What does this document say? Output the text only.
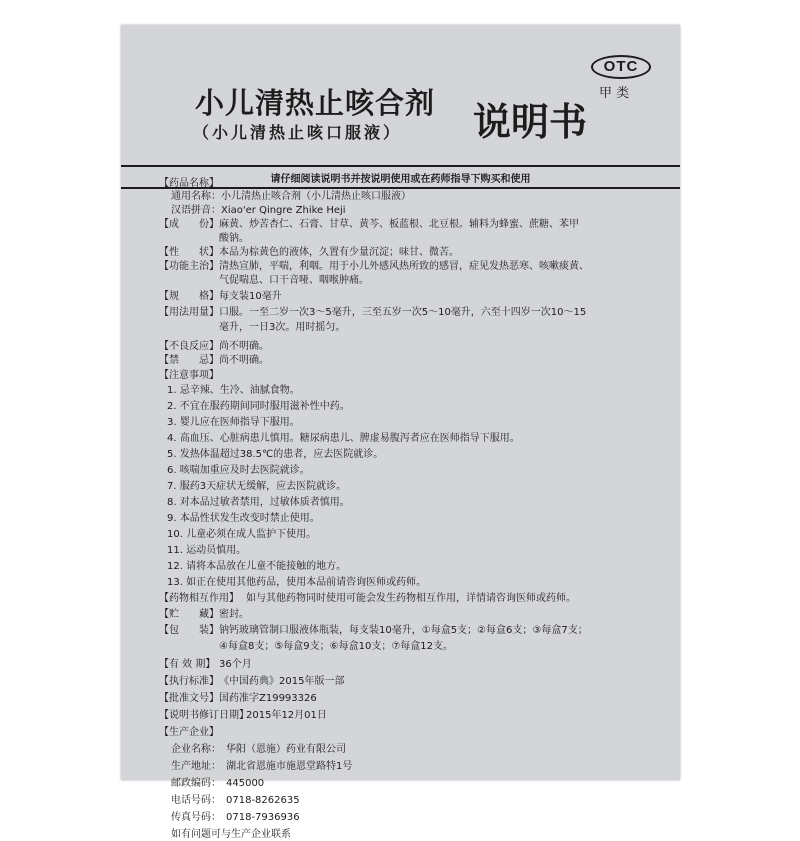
OTC
甲 类
小儿清热止咳合剂
（小儿清热止咳口服液） 说明书
请仔细阅读说明书并按说明使用或在药师指导下购买和使用
【药品名称】
通用名称：小儿清热止咳合剂（小儿清热止咳口服液）
汉语拼音：Xiao'er Qingre Zhike Heji
【成　　份】麻黄、炒苦杏仁、石膏、甘草、黄芩、板蓝根、北豆根。辅料为蜂蜜、蔗糖、苯甲
酸钠。
【性　　状】本品为棕黄色的液体，久置有少量沉淀；味甘、微苦。
【功能主治】清热宣肺，平喘，利咽。用于小儿外感风热所致的感冒，症见发热恶寒、咳嗽痰黄、
气促喘息、口干音哑、咽喉肿痛。
【规　　格】每支装10毫升
【用法用量】口服。一至二岁一次3～5毫升，三至五岁一次5～10毫升，六至十四岁一次10～15
毫升，一日3次。用时摇匀。
【不良反应】尚不明确。
【禁　　忌】尚不明确。
【注意事项】
1. 忌辛辣、生冷、油腻食物。
2. 不宜在服药期间同时服用滋补性中药。
3. 婴儿应在医师指导下服用。
4. 高血压、心脏病患儿慎用。糖尿病患儿、脾虚易腹泻者应在医师指导下服用。
5. 发热体温超过38.5℃的患者，应去医院就诊。
6. 咳喘加重应及时去医院就诊。
7. 服药3天症状无缓解，应去医院就诊。
8. 对本品过敏者禁用，过敏体质者慎用。
9. 本品性状发生改变时禁止使用。
10. 儿童必须在成人监护下使用。
11. 运动员慎用。
12. 请将本品放在儿童不能接触的地方。
13. 如正在使用其他药品，使用本品前请咨询医师或药师。
【药物相互作用】 如与其他药物同时使用可能会发生药物相互作用，详情请咨询医师或药师。
【贮　　藏】密封。
【包　　装】钠钙玻璃管制口服液体瓶装，每支装10毫升，①每盒5支；②每盒6支；③每盒7支；
④每盒8支；⑤每盒9支；⑥每盒10支；⑦每盒12支。
【有 效 期】 36个月
【执行标准】《中国药典》2015年版一部
【批准文号】国药准字Z19993326
【说明书修订日期】2015年12月01日
【生产企业】
企业名称： 华阳（恩施）药业有限公司
生产地址： 湖北省恩施市施恩堂路特1号
邮政编码： 445000
电话号码： 0718-8262635
传真号码： 0718-7936936
如有问题可与生产企业联系
